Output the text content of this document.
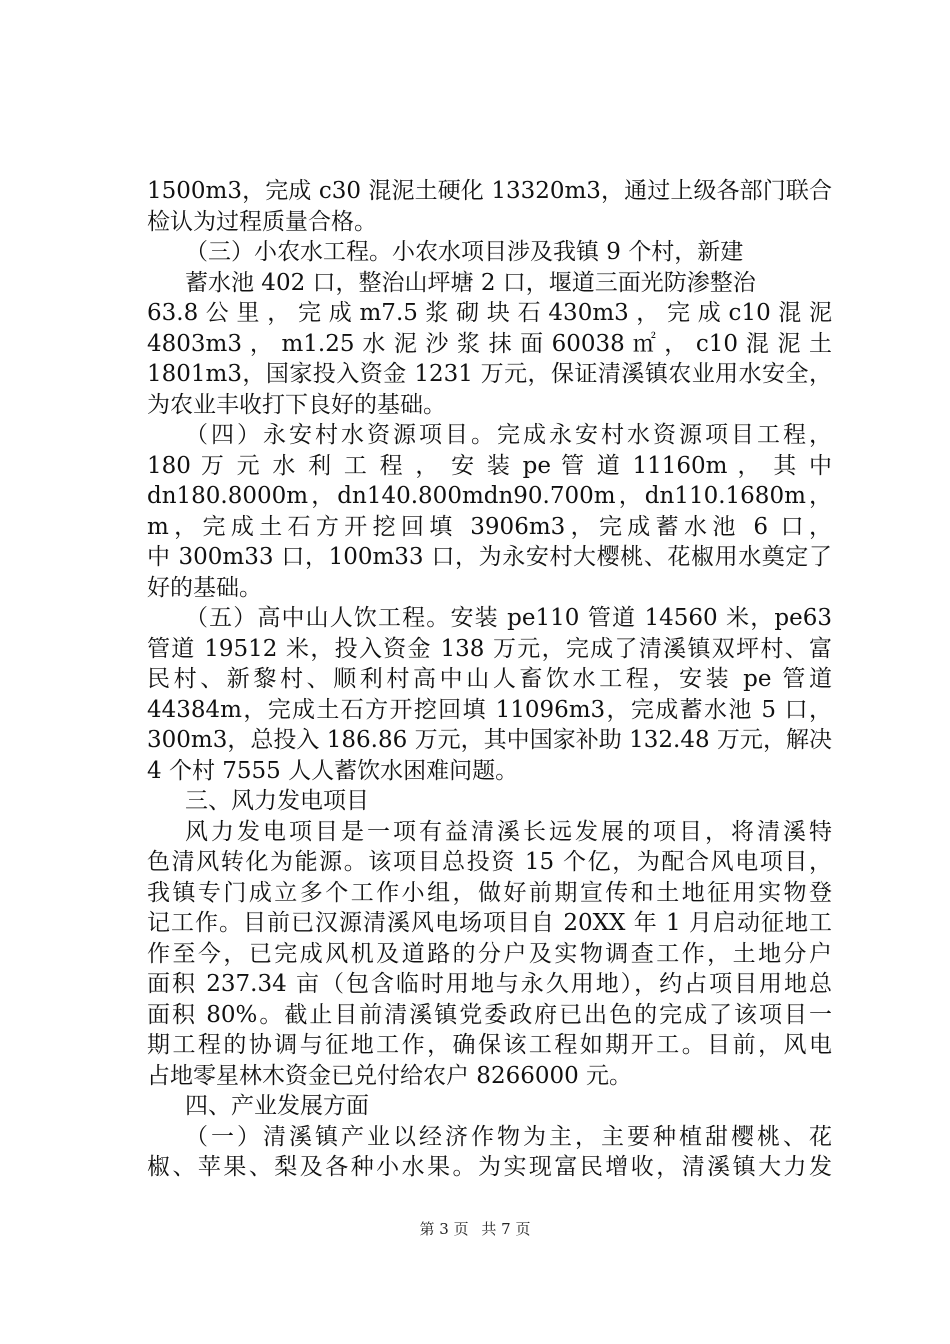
1500m3，完成 c30 混泥土硬化 13320m3，通过上级各部门联合
检认为过程质量合格。
（三）小农水工程。小农水项目涉及我镇 9 个村，新建
蓄水池 402 口，整治山坪塘 2 口，堰道三面光防渗整治
63.8 公 里 ， 完 成 m7.5 浆 砌 块 石 430m3 ， 完 成 c10 混 泥
4803m3 ， m1.25 水 泥 沙 浆 抹 面 60038 ㎡ ， c10 混 泥 土
1801m3，国家投入资金 1231 万元，保证清溪镇农业用水安全，
为农业丰收打下良好的基础。
（四）永安村水资源项目。完成永安村水资源项目工程，
180 万 元 水 利 工 程 ， 安 装 pe 管 道 11160m ， 其 中
dn180.8000m，dn140.800mdn90.700m，dn110.1680m，
m，完成土石方开挖回填 3906m3，完成蓄水池 6 口，
中 300m33 口，100m33 口，为永安村大樱桃、花椒用水奠定了
好的基础。
（五）高中山人饮工程。安装 pe110 管道 14560 米，pe63
管道 19512 米，投入资金 138 万元，完成了清溪镇双坪村、富
民村、新黎村、顺利村高中山人畜饮水工程，安装 pe 管道
44384m，完成土石方开挖回填 11096m3，完成蓄水池 5 口，
300m3，总投入 186.86 万元，其中国家补助 132.48 万元，解决
4 个村 7555 人人蓄饮水困难问题。
三、风力发电项目
风力发电项目是一项有益清溪长远发展的项目，将清溪特
色清风转化为能源。该项目总投资 15 个亿，为配合风电项目，
我镇专门成立多个工作小组，做好前期宣传和土地征用实物登
记工作。目前已汉源清溪风电场项目自 20XX 年 1 月启动征地工
作至今，已完成风机及道路的分户及实物调查工作，土地分户
面积 237.34 亩（包含临时用地与永久用地），约占项目用地总
面积 80%。截止目前清溪镇党委政府已出色的完成了该项目一
期工程的协调与征地工作，确保该工程如期开工。目前，风电
占地零星林木资金已兑付给农户 8266000 元。
四、产业发展方面
（一）清溪镇产业以经济作物为主，主要种植甜樱桃、花
椒、苹果、梨及各种小水果。为实现富民增收，清溪镇大力发
第 3 页 共 7 页
